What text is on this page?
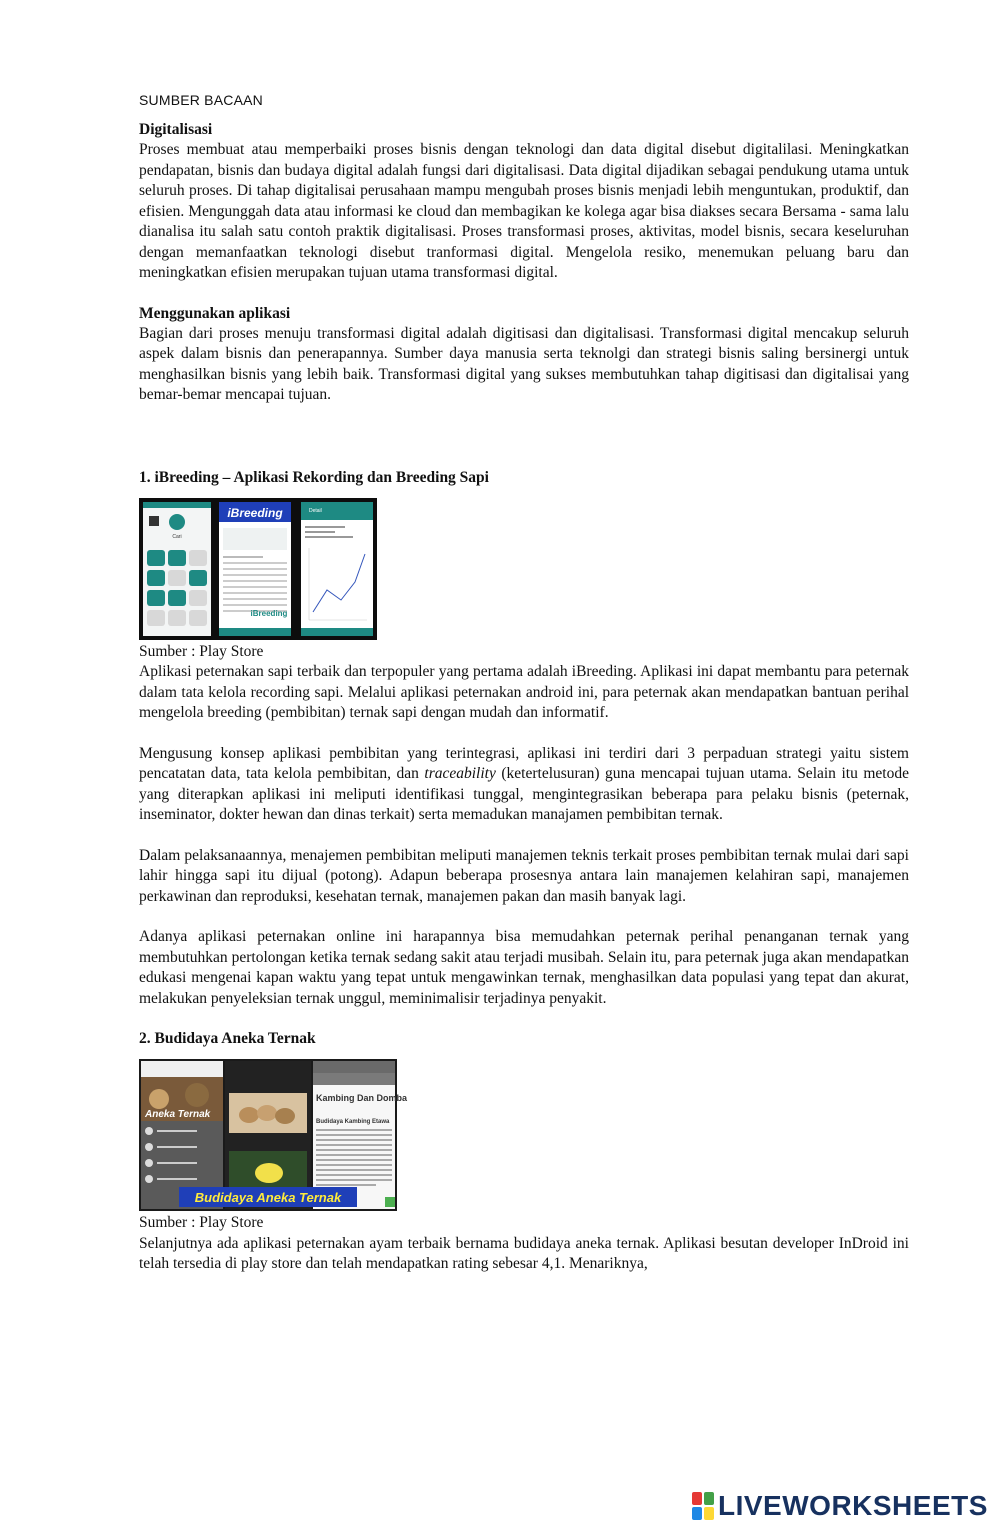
SUMBER BACAAN
Digitalisasi

Proses membuat atau memperbaiki proses bisnis dengan teknologi dan data digital disebut digitalilasi. Meningkatkan pendapatan, bisnis dan budaya digital adalah fungsi dari digitalisasi. Data digital dijadikan sebagai pendukung utama untuk seluruh proses. Di tahap digitalisai perusahaan mampu mengubah proses bisnis menjadi lebih menguntukan, produktif, dan efisien. Mengunggah data atau informasi ke cloud dan membagikan ke kolega agar bisa diakses secara Bersama - sama lalu dianalisa itu salah satu contoh praktik digitalisasi. Proses transformasi proses, aktivitas, model bisnis, secara keseluruhan dengan memanfaatkan teknologi disebut tranformasi digital. Mengelola resiko, menemukan peluang baru dan meningkatkan efisien merupakan tujuan utama transformasi digital.

Menggunakan aplikasi

Bagian dari proses menuju transformasi digital adalah digitisasi dan digitalisasi. Transformasi digital mencakup seluruh aspek dalam bisnis dan penerapannya. Sumber daya manusia serta teknolgi dan strategi bisnis saling bersinergi untuk menghasilkan bisnis yang lebih baik. Transformasi digital yang sukses membutuhkan tahap digitisasi dan digitalisai yang bemar-bemar mencapai tujuan.

1. iBreeding – Aplikasi Rekording dan Breeding Sapi
Cari
iBreeding
iBreeding
Detail
Sumber : Play Store

Aplikasi peternakan sapi terbaik dan terpopuler yang pertama adalah iBreeding. Aplikasi ini dapat membantu para peternak dalam tata kelola recording sapi. Melalui aplikasi peternakan android ini, para peternak akan mendapatkan bantuan perihal mengelola breeding (pembibitan) ternak sapi dengan mudah dan informatif.

Mengusung konsep aplikasi pembibitan yang terintegrasi, aplikasi ini terdiri dari 3 perpaduan strategi yaitu sistem pencatatan data, tata kelola pembibitan, dan traceability (ketertelusuran) guna mencapai tujuan utama. Selain itu metode yang diterapkan aplikasi ini meliputi identifikasi tunggal, mengintegrasikan beberapa para pelaku bisnis (peternak, inseminator, dokter hewan dan dinas terkait) serta memadukan manajamen pembibitan ternak.

Dalam pelaksanaannya, menajemen pembibitan meliputi manajemen teknis terkait proses pembibitan ternak mulai dari sapi lahir hingga sapi itu dijual (potong). Adapun beberapa prosesnya antara lain manajemen kelahiran sapi, manajemen perkawinan dan reproduksi, kesehatan ternak, manajemen pakan dan masih banyak lagi.

Adanya aplikasi peternakan online ini harapannya bisa memudahkan peternak perihal penanganan ternak yang membutuhkan pertolongan ketika ternak sedang sakit atau terjadi musibah. Selain itu, para peternak juga akan mendapatkan edukasi mengenai kapan waktu yang tepat untuk mengawinkan ternak, menghasilkan data populasi yang tepat dan akurat, melakukan penyeleksian ternak unggul, meminimalisir terjadinya penyakit.

2. Budidaya Aneka Ternak
Aneka Ternak
Kambing Dan Domba
Budidaya Kambing Etawa
Budidaya Aneka Ternak
Sumber : Play Store

Selanjutnya ada aplikasi peternakan ayam terbaik bernama budidaya aneka ternak. Aplikasi besutan developer InDroid ini telah tersedia di play store dan telah mendapatkan rating sebesar 4,1. Menariknya,

LIVEWORKSHEETS
